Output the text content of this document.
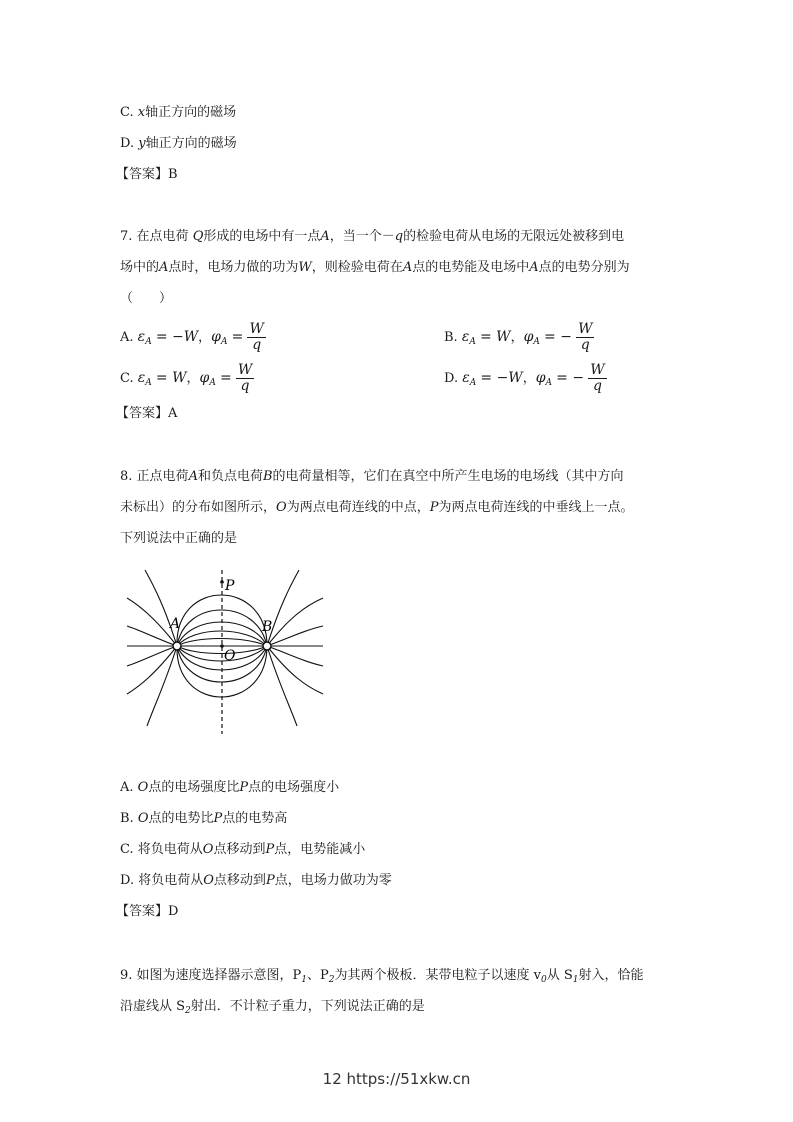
C. x轴正方向的磁场
D. y轴正方向的磁场
【答案】B
7. 在点电荷 Q形成的电场中有一点A，当一个－q的检验电荷从电场的无限远处被移到电
场中的A点时，电场力做的功为W，则检验电荷在A点的电势能及电场中A点的电势分别为
（　　）
A. $\varepsilon_A = -W$，$\varphi_A = \frac{W}{q}$	B. $\varepsilon_A = W$，$\varphi_A$ = − $\frac{W}{q}$
C. $\varepsilon_A = W$，$\varphi_A = \frac{W}{q}$	D. $\varepsilon_A = -W$，$\varphi_A$ = − $\frac{W}{q}$
【答案】A
8. 正点电荷A和负点电荷B的电荷量相等，它们在真空中所产生电场的电场线（其中方向
未标出）的分布如图所示，O为两点电荷连线的中点，P为两点电荷连线的中垂线上一点。
下列说法中正确的是
P
A	B
O
A. O点的电场强度比P点的电场强度小
B. O点的电势比P点的电势高
C. 将负电荷从O点移动到P点，电势能减小
D. 将负电荷从O点移动到P点，电场力做功为零
【答案】D
9. 如图为速度选择器示意图，$P_1$、$P_2$为其两个极板．某带电粒子以速度 $v_0$从 $S_1$射入，恰能
沿虚线从 $S_2$射出．不计粒子重力，下列说法正确的是
12 https://51xkw.cn
